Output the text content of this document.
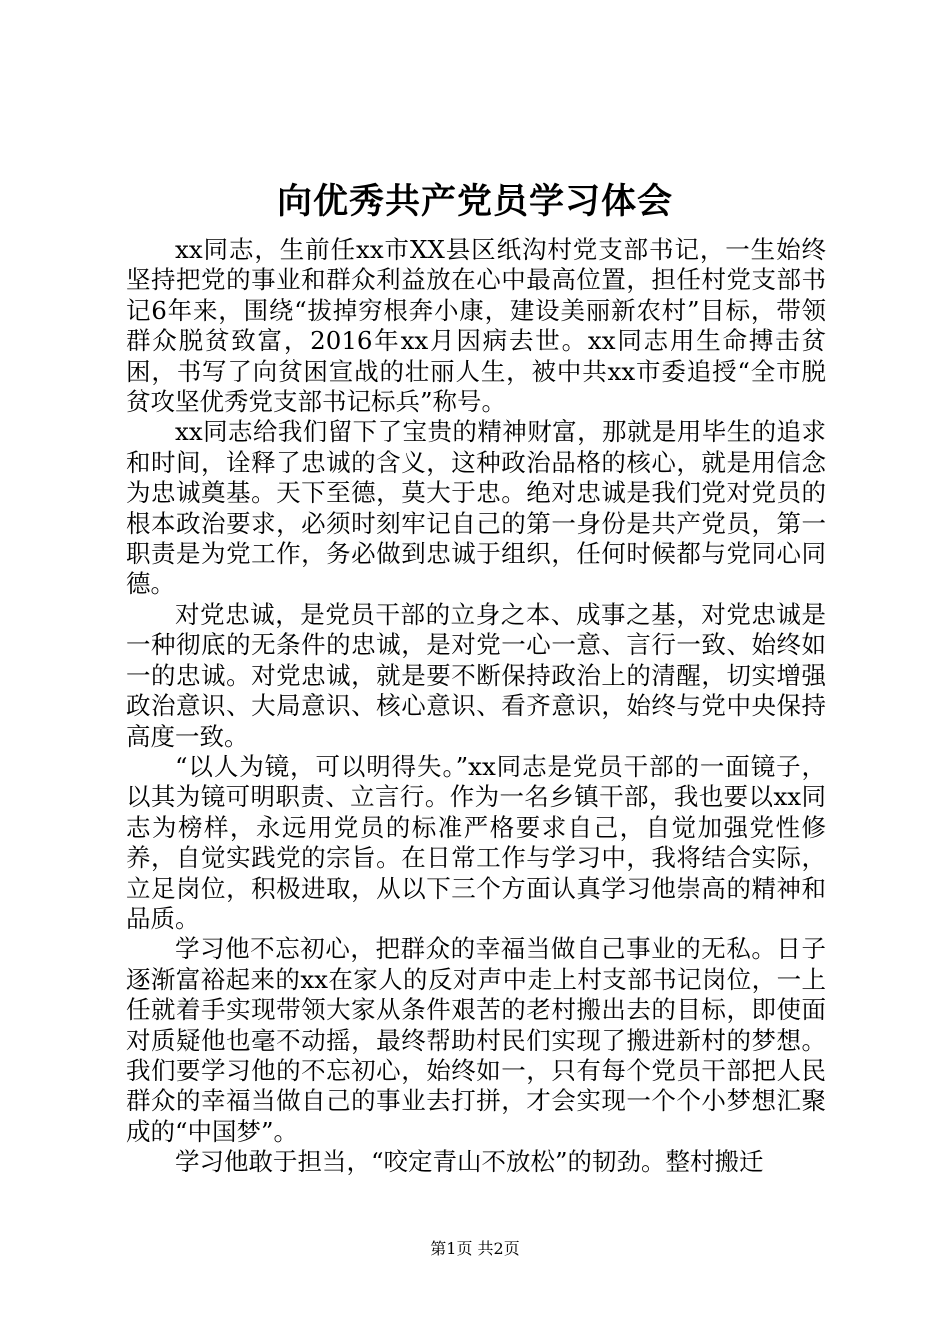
向优秀共产党员学习体会

xx同志，生前任xx市XX县区纸沟村党支部书记，一生始终坚持把党的事业和群众利益放在心中最高位置，担任村党支部书记6年来，围绕“拔掉穷根奔小康，建设美丽新农村”目标，带领群众脱贫致富，2016年xx月因病去世。xx同志用生命搏击贫困，书写了向贫困宣战的壮丽人生，被中共xx市委追授“全市脱贫攻坚优秀党支部书记标兵”称号。

xx同志给我们留下了宝贵的精神财富，那就是用毕生的追求和时间，诠释了忠诚的含义，这种政治品格的核心，就是用信念为忠诚奠基。天下至德，莫大于忠。绝对忠诚是我们党对党员的根本政治要求，必须时刻牢记自己的第一身份是共产党员，第一职责是为党工作，务必做到忠诚于组织，任何时候都与党同心同德。

对党忠诚，是党员干部的立身之本、成事之基，对党忠诚是一种彻底的无条件的忠诚，是对党一心一意、言行一致、始终如一的忠诚。对党忠诚，就是要不断保持政治上的清醒，切实增强政治意识、大局意识、核心意识、看齐意识，始终与党中央保持高度一致。

“以人为镜，可以明得失。”xx同志是党员干部的一面镜子，以其为镜可明职责、立言行。作为一名乡镇干部，我也要以xx同志为榜样，永远用党员的标准严格要求自己，自觉加强党性修养，自觉实践党的宗旨。在日常工作与学习中，我将结合实际，立足岗位，积极进取，从以下三个方面认真学习他崇高的精神和品质。

学习他不忘初心，把群众的幸福当做自己事业的无私。日子逐渐富裕起来的xx在家人的反对声中走上村支部书记岗位，一上任就着手实现带领大家从条件艰苦的老村搬出去的目标，即使面对质疑他也毫不动摇，最终帮助村民们实现了搬进新村的梦想。我们要学习他的不忘初心，始终如一，只有每个党员干部把人民群众的幸福当做自己的事业去打拼，才会实现一个个小梦想汇聚成的“中国梦”。

学习他敢于担当，“咬定青山不放松”的韧劲。整村搬迁

第1页 共2页
